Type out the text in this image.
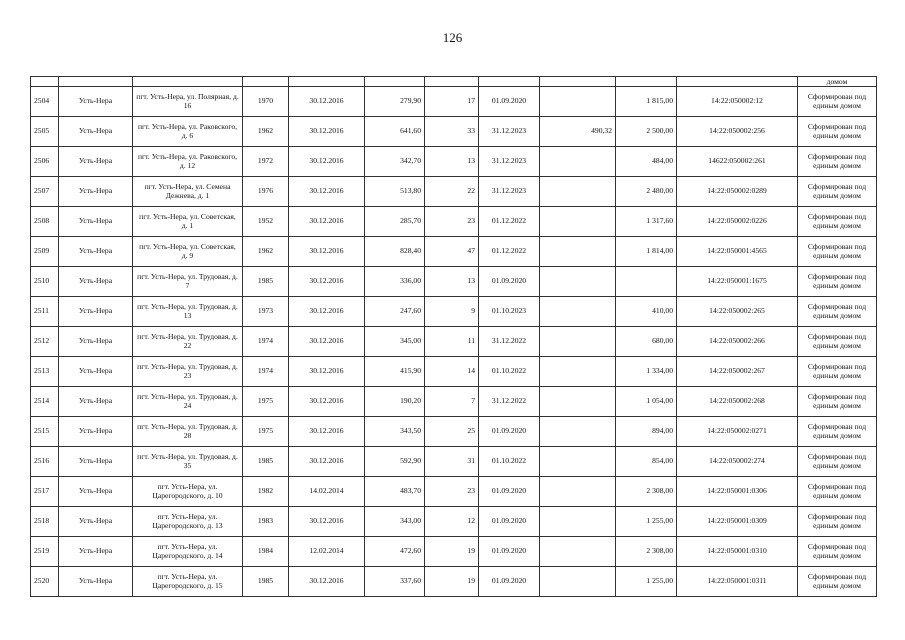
126
											домом
2504	Усть-Нера	пгт. Усть-Нера, ул. Полярная, д. 16	1970	30.12.2016	279,90	17	01.09.2020		1 815,00	14:22:050002:12	Сформирован под единым домом
2505	Усть-Нера	пгт. Усть-Нера, ул. Раковского, д. 6	1962	30.12.2016	641,60	33	31.12.2023	490,32	2 500,00	14:22:050002:256	Сформирован под единым домом
2506	Усть-Нера	пгт. Усть-Нера, ул. Раковского, д. 12	1972	30.12.2016	342,70	13	31.12.2023		484,00	14622:050002:261	Сформирован под единым домом
2507	Усть-Нера	пгт. Усть-Нера, ул. Семена Дежнева, д. 1	1976	30.12.2016	513,80	22	31.12.2023		2 480,00	14:22:050002:0289	Сформирован под единым домом
2508	Усть-Нера	пгт. Усть-Нера, ул. Советская, д. 1	1952	30.12.2016	285,70	23	01.12.2022		1 317,60	14:22:050002:0226	Сформирован под единым домом
2509	Усть-Нера	пгт. Усть-Нера, ул. Советская, д. 9	1962	30.12.2016	828,40	47	01.12.2022		1 814,00	14:22:050001:4565	Сформирован под единым домом
2510	Усть-Нера	пгт. Усть-Нера, ул. Трудовая, д. 7	1985	30.12.2016	336,00	13	01.09.2020			14:22:050001:1675	Сформирован под единым домом
2511	Усть-Нера	пгт. Усть-Нера, ул. Трудовая, д. 13	1973	30.12.2016	247,60	9	01.10.2023		410,00	14:22:050002:265	Сформирован под единым домом
2512	Усть-Нера	пгт. Усть-Нера, ул. Трудовая, д. 22	1974	30.12.2016	345,00	11	31.12.2022		680,00	14:22:050002:266	Сформирован под единым домом
2513	Усть-Нера	пгт. Усть-Нера, ул. Трудовая, д. 23	1974	30.12.2016	415,90	14	01.10.2022		1 334,00	14:22:050002:267	Сформирован под единым домом
2514	Усть-Нера	пгт. Усть-Нера, ул. Трудовая, д. 24	1975	30.12.2016	190,20	7	31.12.2022		1 054,00	14:22:050002:268	Сформирован под единым домом
2515	Усть-Нера	пгт. Усть-Нера, ул. Трудовая, д. 28	1975	30.12.2016	343,50	25	01.09.2020		894,00	14:22:050002:0271	Сформирован под единым домом
2516	Усть-Нера	пгт. Усть-Нера, ул. Трудовая, д. 35	1985	30.12.2016	592,90	31	01.10.2022		854,00	14:22:050002:274	Сформирован под единым домом
2517	Усть-Нера	пгт. Усть-Нера, ул. Царегородского, д. 10	1982	14.02.2014	483,70	23	01.09.2020		2 308,00	14:22:050001:0306	Сформирован под единым домом
2518	Усть-Нера	пгт. Усть-Нера, ул. Царегородского, д. 13	1983	30.12.2016	343,00	12	01.09.2020		1 255,00	14:22:050001:0309	Сформирован под единым домом
2519	Усть-Нера	пгт. Усть-Нера, ул. Царегородского, д. 14	1984	12.02.2014	472,60	19	01.09.2020		2 308,00	14:22:050001:0310	Сформирован под единым домом
2520	Усть-Нера	пгт. Усть-Нера, ул. Царегородского, д. 15	1985	30.12.2016	337,60	19	01.09.2020		1 255,00	14:22:050001:0311	Сформирован под единым домом
